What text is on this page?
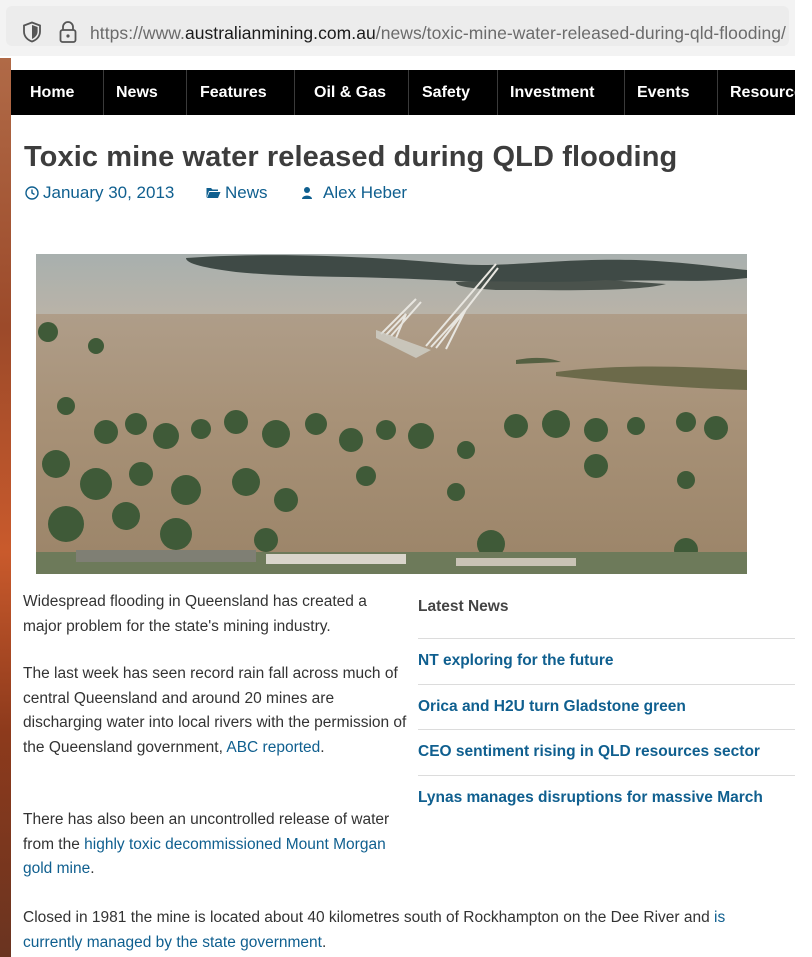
https://www.australianmining.com.au/news/toxic-mine-water-released-during-qld-flooding/
Home	News	Features	Oil & Gas Safety Investment	Events	Resources
Toxic mine water released during QLD flooding
January 30, 2013	News	Alex Heber

Widespread flooding in Queensland has created a major problem for the state's mining industry.

The last week has seen record rain fall across much of central Queensland and around 20 mines are discharging water into local rivers with the permission of the Queensland government, ABC reported.

There has also been an uncontrolled release of water from the highly toxic decommissioned Mount Morgan gold mine.

Closed in 1981 the mine is located about 40 kilometres south of Rockhampton on the Dee River and is currently managed by the state government.

Latest News
NT exploring for the future
Orica and H2U turn Gladstone green
CEO sentiment rising in QLD resources sector
Lynas manages disruptions for massive March
